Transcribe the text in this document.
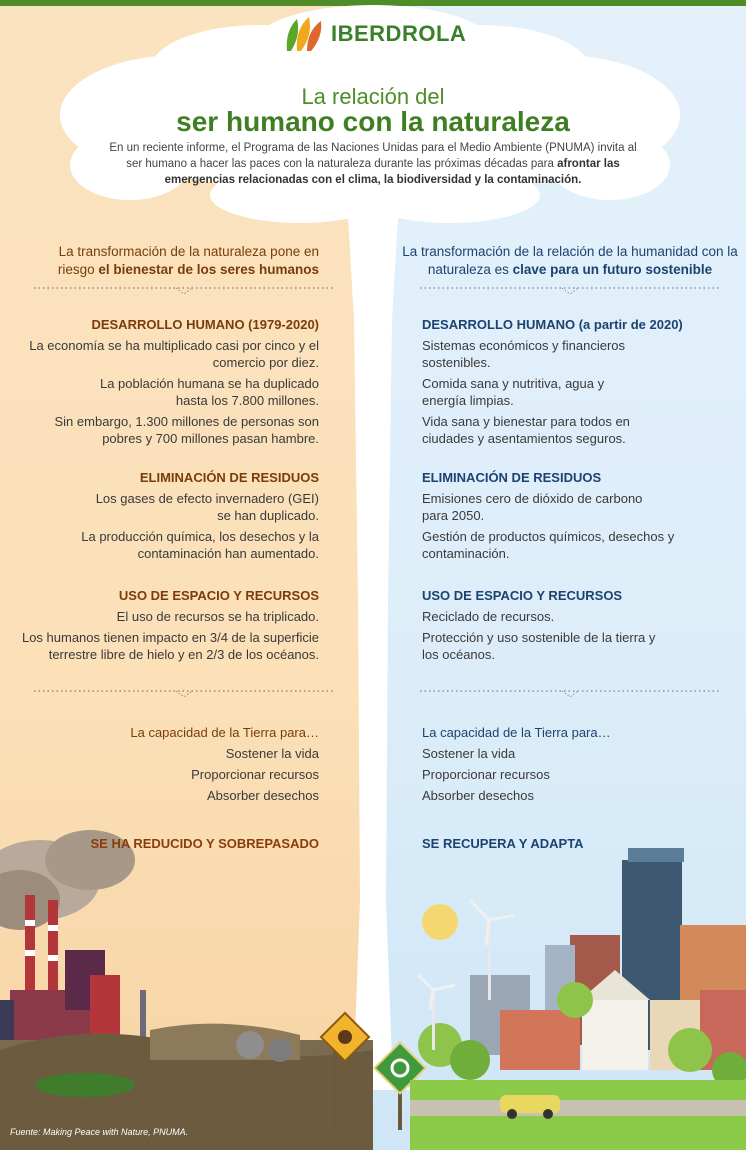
IBERDROLA
La relación del
ser humano con la naturaleza
En un reciente informe, el Programa de las Naciones Unidas para el Medio Ambiente (PNUMA) invita al ser humano a hacer las paces con la naturaleza durante las próximas décadas para afrontar las emergencias relacionadas con el clima, la biodiversidad y la contaminación.
La transformación de la naturaleza pone en riesgo el bienestar de los seres humanos
DESARROLLO HUMANO (1979-2020)
La economía se ha multiplicado casi por cinco y el comercio por diez.
La población humana se ha duplicado hasta los 7.800 millones.
Sin embargo, 1.300 millones de personas son pobres y 700 millones pasan hambre.
ELIMINACIÓN DE RESIDUOS
Los gases de efecto invernadero (GEI) se han duplicado.
La producción química, los desechos y la contaminación han aumentado.
USO DE ESPACIO Y RECURSOS
El uso de recursos se ha triplicado.
Los humanos tienen impacto en 3/4 de la superficie terrestre libre de hielo y en 2/3 de los océanos.
La capacidad de la Tierra para…
Sostener la vida
Proporcionar recursos
Absorber desechos
SE HA REDUCIDO Y SOBREPASADO
La transformación de la relación de la humanidad con la naturaleza es clave para un futuro sostenible
DESARROLLO HUMANO (a partir de 2020)
Sistemas económicos y financieros sostenibles.
Comida sana y nutritiva, agua y energía limpias.
Vida sana y bienestar para todos en ciudades y asentamientos seguros.
ELIMINACIÓN DE RESIDUOS
Emisiones cero de dióxido de carbono para 2050.
Gestión de productos químicos, desechos y contaminación.
USO DE ESPACIO Y RECURSOS
Reciclado de recursos.
Protección y uso sostenible de la tierra y los océanos.
La capacidad de la Tierra para…
Sostener la vida
Proporcionar recursos
Absorber desechos
SE RECUPERA Y ADAPTA
Fuente: Making Peace with Nature, PNUMA.
